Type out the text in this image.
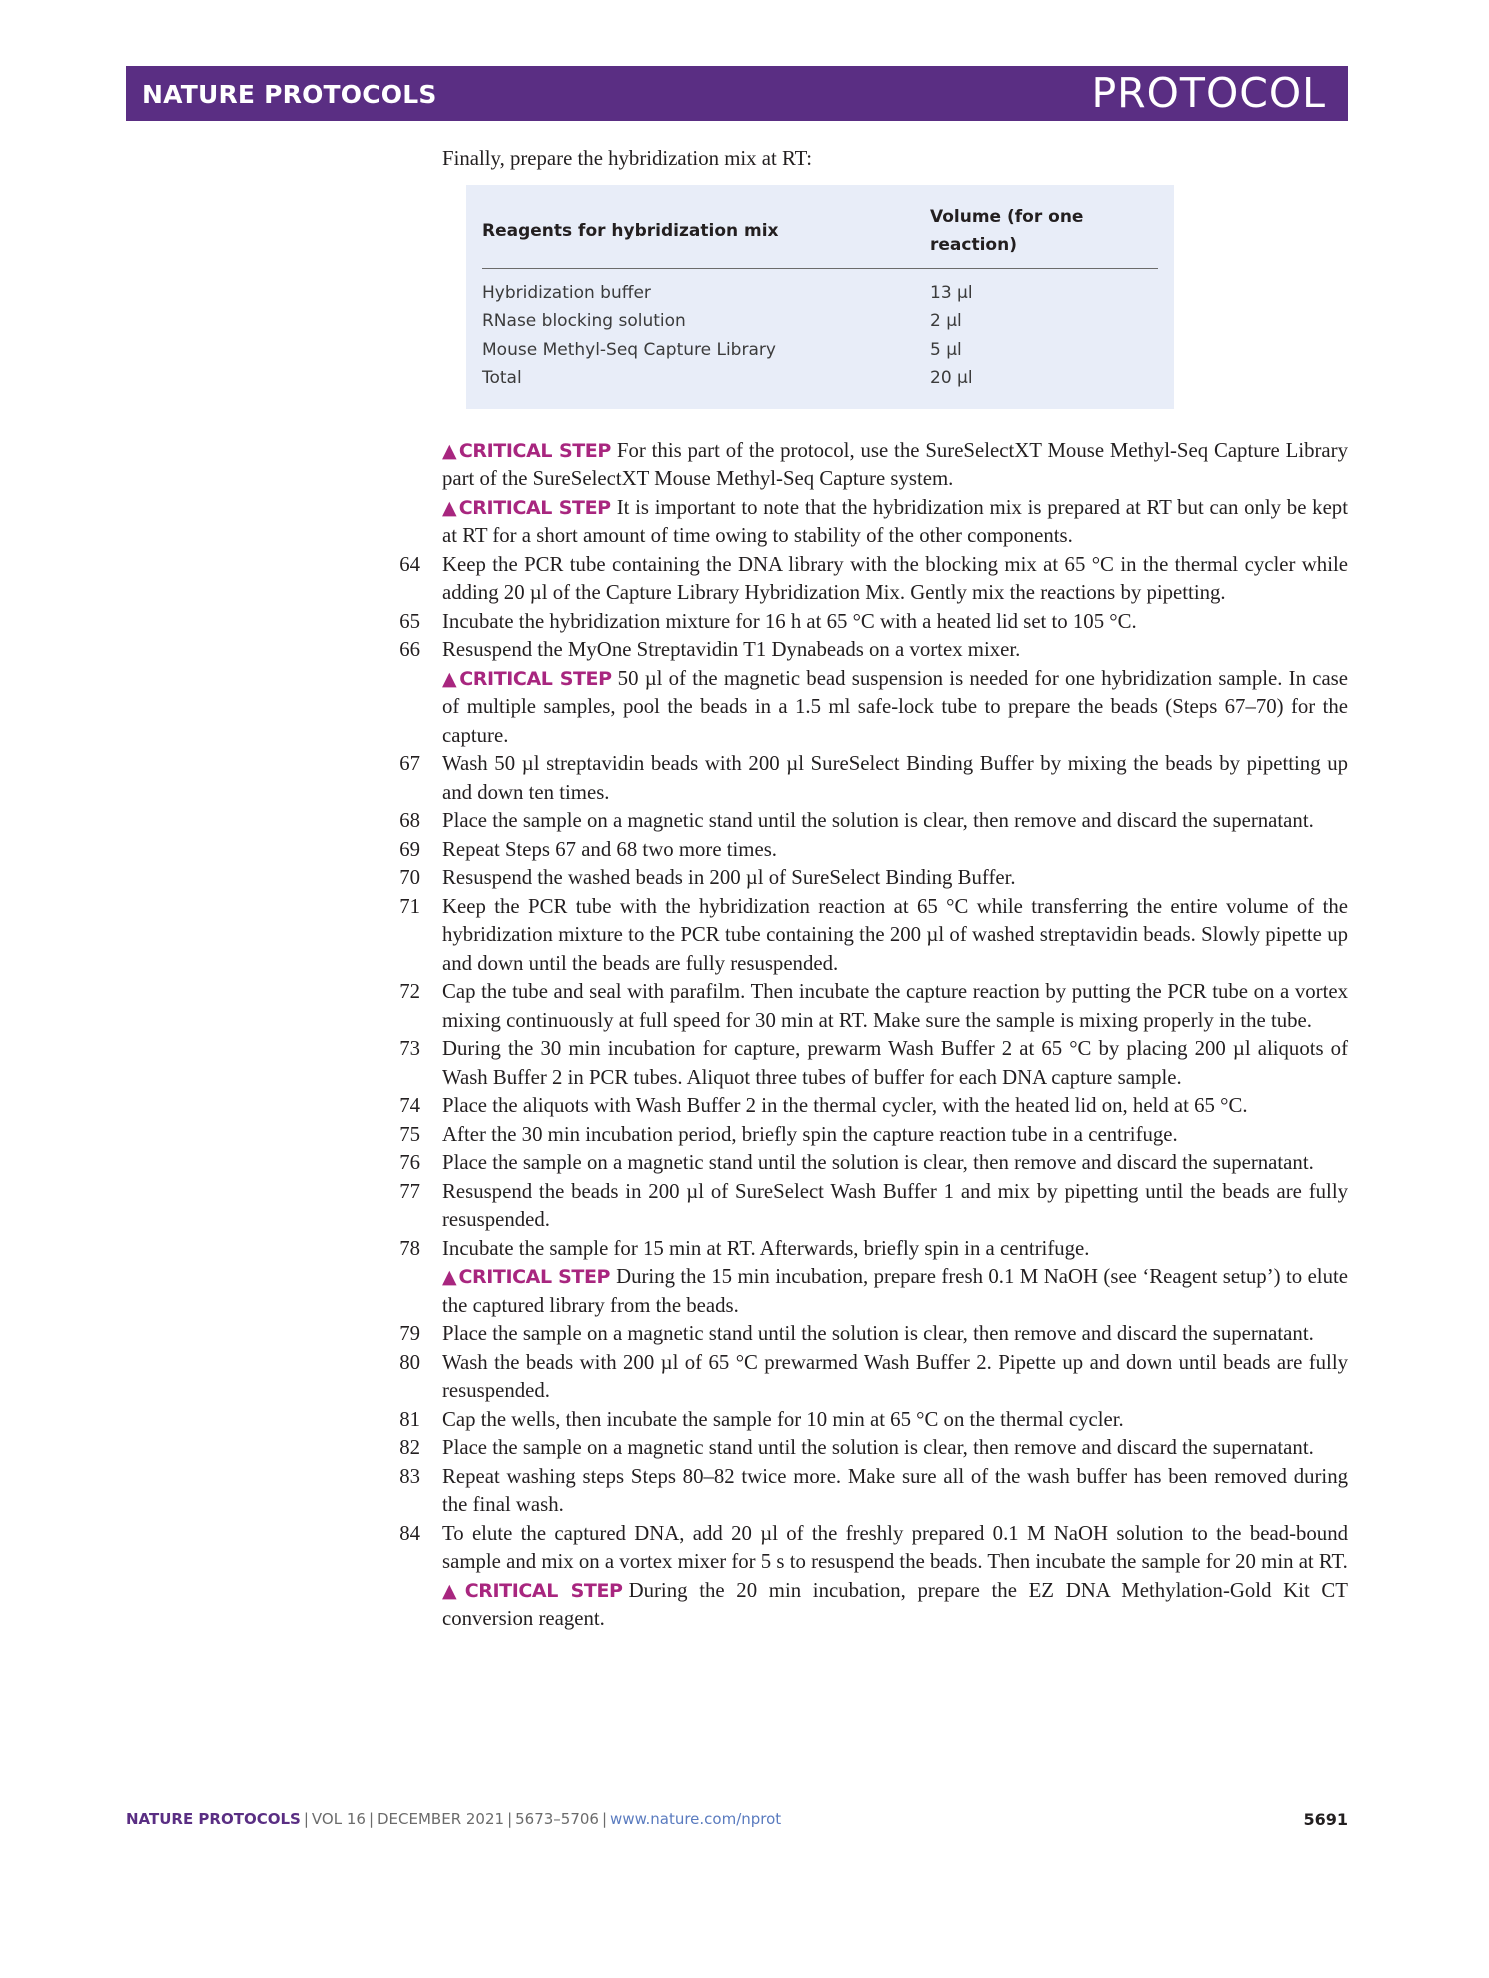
NATURE PROTOCOLS	PROTOCOL
Finally, prepare the hybridization mix at RT:
Reagents for hybridization mix	Volume (for one reaction)
Hybridization buffer	13 µl
RNase blocking solution	2 µl
Mouse Methyl-Seq Capture Library	5 µl
Total	20 µl
▲ CRITICAL STEP For this part of the protocol, use the SureSelectXT Mouse Methyl-Seq Capture Library part of the SureSelectXT Mouse Methyl-Seq Capture system.
▲ CRITICAL STEP It is important to note that the hybridization mix is prepared at RT but can only be kept at RT for a short amount of time owing to stability of the other components.
64	Keep the PCR tube containing the DNA library with the blocking mix at 65 °C in the thermal cycler while adding 20 µl of the Capture Library Hybridization Mix. Gently mix the reactions by pipetting.
65	Incubate the hybridization mixture for 16 h at 65 °C with a heated lid set to 105 °C.
66	Resuspend the MyOne Streptavidin T1 Dynabeads on a vortex mixer.
▲ CRITICAL STEP 50 µl of the magnetic bead suspension is needed for one hybridization sample. In case of multiple samples, pool the beads in a 1.5 ml safe-lock tube to prepare the beads (Steps 67–70) for the capture.
67	Wash 50 µl streptavidin beads with 200 µl SureSelect Binding Buffer by mixing the beads by pipetting up and down ten times.
68	Place the sample on a magnetic stand until the solution is clear, then remove and discard the supernatant.
69	Repeat Steps 67 and 68 two more times.
70	Resuspend the washed beads in 200 µl of SureSelect Binding Buffer.
71	Keep the PCR tube with the hybridization reaction at 65 °C while transferring the entire volume of the hybridization mixture to the PCR tube containing the 200 µl of washed streptavidin beads. Slowly pipette up and down until the beads are fully resuspended.
72	Cap the tube and seal with parafilm. Then incubate the capture reaction by putting the PCR tube on a vortex mixing continuously at full speed for 30 min at RT. Make sure the sample is mixing properly in the tube.
73	During the 30 min incubation for capture, prewarm Wash Buffer 2 at 65 °C by placing 200 µl aliquots of Wash Buffer 2 in PCR tubes. Aliquot three tubes of buffer for each DNA capture sample.
74	Place the aliquots with Wash Buffer 2 in the thermal cycler, with the heated lid on, held at 65 °C.
75	After the 30 min incubation period, briefly spin the capture reaction tube in a centrifuge.
76	Place the sample on a magnetic stand until the solution is clear, then remove and discard the supernatant.
77	Resuspend the beads in 200 µl of SureSelect Wash Buffer 1 and mix by pipetting until the beads are fully resuspended.
78	Incubate the sample for 15 min at RT. Afterwards, briefly spin in a centrifuge.
▲ CRITICAL STEP During the 15 min incubation, prepare fresh 0.1 M NaOH (see ‘Reagent setup’) to elute the captured library from the beads.
79	Place the sample on a magnetic stand until the solution is clear, then remove and discard the supernatant.
80	Wash the beads with 200 µl of 65 °C prewarmed Wash Buffer 2. Pipette up and down until beads are fully resuspended.
81	Cap the wells, then incubate the sample for 10 min at 65 °C on the thermal cycler.
82	Place the sample on a magnetic stand until the solution is clear, then remove and discard the supernatant.
83	Repeat washing steps Steps 80–82 twice more. Make sure all of the wash buffer has been removed during the final wash.
84	To elute the captured DNA, add 20 µl of the freshly prepared 0.1 M NaOH solution to the bead-bound sample and mix on a vortex mixer for 5 s to resuspend the beads. Then incubate the sample for 20 min at RT.
▲ CRITICAL STEP During the 20 min incubation, prepare the EZ DNA Methylation-Gold Kit CT conversion reagent.
NATURE PROTOCOLS | VOL 16 | DECEMBER 2021 | 5673–5706 | www.nature.com/nprot	5691
